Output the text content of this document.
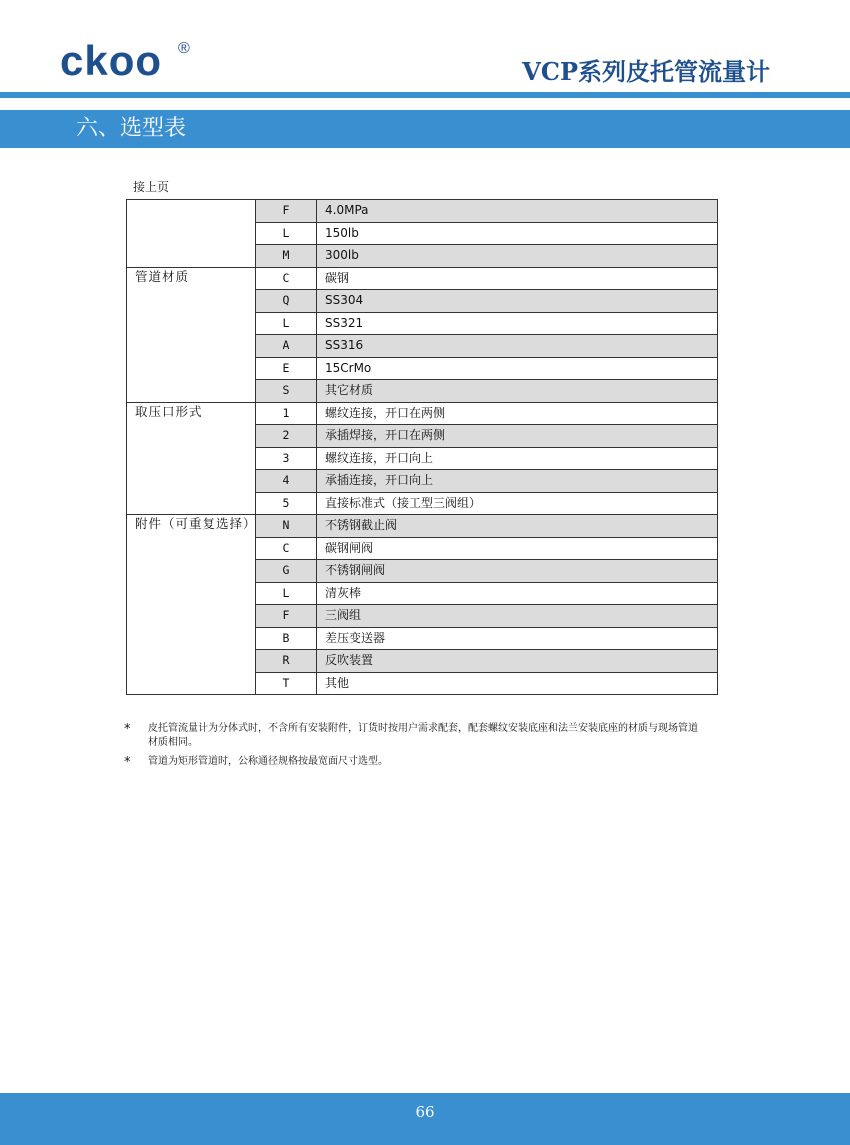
ckoo ®
VCP系列皮托管流量计
六、选型表
接上页
	F	4.0MPa
	L	150lb
	M	300lb
管道材质	C	碳钢
	Q	SS304
	L	SS321
	A	SS316
	E	15CrMo
	S	其它材质
取压口形式	1	螺纹连接，开口在两侧
	2	承插焊接，开口在两侧
	3	螺纹连接，开口向上
	4	承插连接，开口向上
	5	直接标准式（接工型三阀组）
附件（可重复选择）	N	不锈钢截止阀
	C	碳钢闸阀
	G	不锈钢闸阀
	L	清灰棒
	F	三阀组
	B	差压变送器
	R	反吹装置
	T	其他
* 皮托管流量计为分体式时，不含所有安装附件，订货时按用户需求配套，配套螺纹安装底座和法兰安装底座的材质与现场管道材质相同。
* 管道为矩形管道时，公称通径规格按最宽面尺寸选型。
66
